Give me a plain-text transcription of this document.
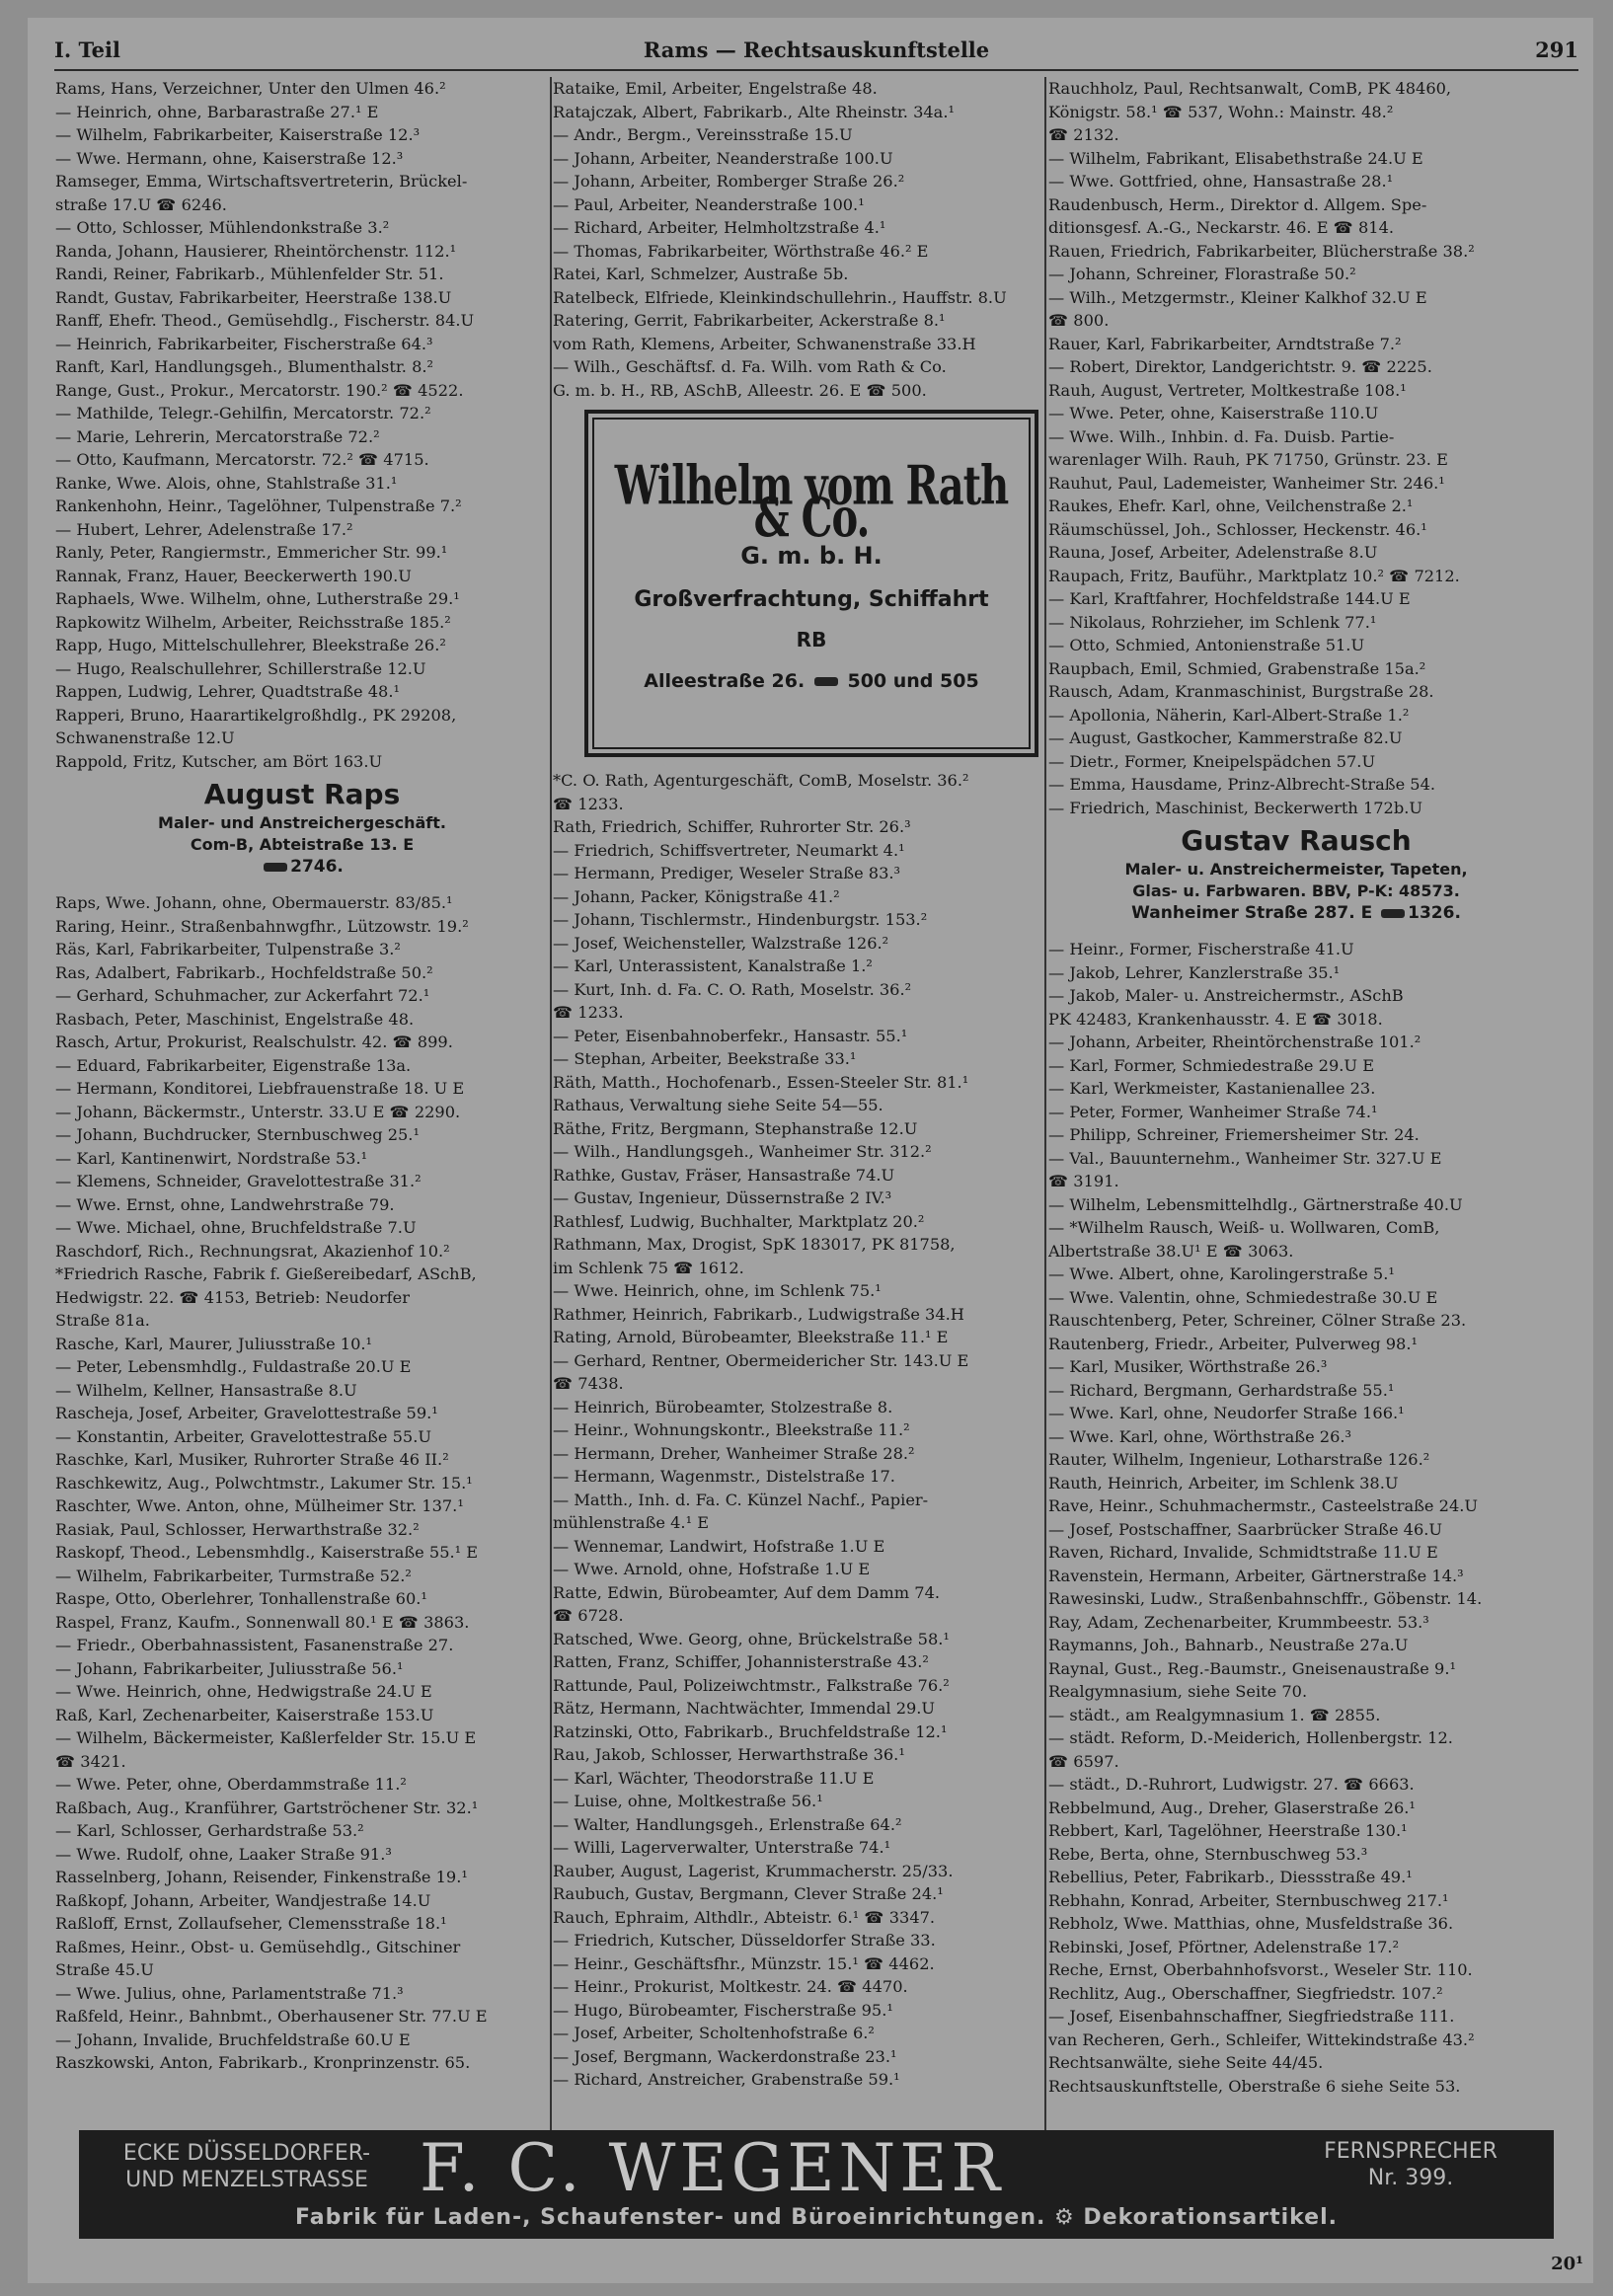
I. Teil	Rams — Rechtsauskunftstelle	291
Rams, Hans, Verzeichner, Unter den Ulmen 46.²
— Heinrich, ohne, Barbarastraße 27.¹ E
— Wilhelm, Fabrikarbeiter, Kaiserstraße 12.³
— Wwe. Hermann, ohne, Kaiserstraße 12.³
Ramseger, Emma, Wirtschaftsvertreterin, Brückel-
straße 17.U ☎ 6246.
— Otto, Schlosser, Mühlendonkstraße 3.²
Randa, Johann, Hausierer, Rheintörchenstr. 112.¹
Randi, Reiner, Fabrikarb., Mühlenfelder Str. 51.
Randt, Gustav, Fabrikarbeiter, Heerstraße 138.U
Ranff, Ehefr. Theod., Gemüsehdlg., Fischerstr. 84.U
— Heinrich, Fabrikarbeiter, Fischerstraße 64.³
Ranft, Karl, Handlungsgeh., Blumenthalstr. 8.²
Range, Gust., Prokur., Mercatorstr. 190.² ☎ 4522.
— Mathilde, Telegr.-Gehilfin, Mercatorstr. 72.²
— Marie, Lehrerin, Mercatorstraße 72.²
— Otto, Kaufmann, Mercatorstr. 72.² ☎ 4715.
Ranke, Wwe. Alois, ohne, Stahlstraße 31.¹
Rankenhohn, Heinr., Tagelöhner, Tulpenstraße 7.²
— Hubert, Lehrer, Adelenstraße 17.²
Ranly, Peter, Rangiermstr., Emmericher Str. 99.¹
Rannak, Franz, Hauer, Beeckerwerth 190.U
Raphaels, Wwe. Wilhelm, ohne, Lutherstraße 29.¹
Rapkowitz Wilhelm, Arbeiter, Reichsstraße 185.²
Rapp, Hugo, Mittelschullehrer, Bleekstraße 26.²
— Hugo, Realschullehrer, Schillerstraße 12.U
Rappen, Ludwig, Lehrer, Quadtstraße 48.¹
Rapperi, Bruno, Haarartikelgroßhdlg., PK 29208,
Schwanenstraße 12.U
Rappold, Fritz, Kutscher, am Bört 163.U
August Raps
Maler- und Anstreichergeschäft.
Com-B, Abteistraße 13. E
2746.
Raps, Wwe. Johann, ohne, Obermauerstr. 83/85.¹
Raring, Heinr., Straßenbahnwgfhr., Lützowstr. 19.²
Räs, Karl, Fabrikarbeiter, Tulpenstraße 3.²
Ras, Adalbert, Fabrikarb., Hochfeldstraße 50.²
— Gerhard, Schuhmacher, zur Ackerfahrt 72.¹
Rasbach, Peter, Maschinist, Engelstraße 48.
Rasch, Artur, Prokurist, Realschulstr. 42. ☎ 899.
— Eduard, Fabrikarbeiter, Eigenstraße 13a.
— Hermann, Konditorei, Liebfrauenstraße 18. U E
— Johann, Bäckermstr., Unterstr. 33.U E ☎ 2290.
— Johann, Buchdrucker, Sternbuschweg 25.¹
— Karl, Kantinenwirt, Nordstraße 53.¹
— Klemens, Schneider, Gravelottestraße 31.²
— Wwe. Ernst, ohne, Landwehrstraße 79.
— Wwe. Michael, ohne, Bruchfeldstraße 7.U
Raschdorf, Rich., Rechnungsrat, Akazienhof 10.²
*Friedrich Rasche, Fabrik f. Gießereibedarf, ASchB,
Hedwigstr. 22. ☎ 4153, Betrieb: Neudorfer
Straße 81a.
Rasche, Karl, Maurer, Juliusstraße 10.¹
— Peter, Lebensmhdlg., Fuldastraße 20.U E
— Wilhelm, Kellner, Hansastraße 8.U
Rascheja, Josef, Arbeiter, Gravelottestraße 59.¹
— Konstantin, Arbeiter, Gravelottestraße 55.U
Raschke, Karl, Musiker, Ruhrorter Straße 46 II.²
Raschkewitz, Aug., Polwchtmstr., Lakumer Str. 15.¹
Raschter, Wwe. Anton, ohne, Mülheimer Str. 137.¹
Rasiak, Paul, Schlosser, Herwarthstraße 32.²
Raskopf, Theod., Lebensmhdlg., Kaiserstraße 55.¹ E
— Wilhelm, Fabrikarbeiter, Turmstraße 52.²
Raspe, Otto, Oberlehrer, Tonhallenstraße 60.¹
Raspel, Franz, Kaufm., Sonnenwall 80.¹ E ☎ 3863.
— Friedr., Oberbahnassistent, Fasanenstraße 27.
— Johann, Fabrikarbeiter, Juliusstraße 56.¹
— Wwe. Heinrich, ohne, Hedwigstraße 24.U E
Raß, Karl, Zechenarbeiter, Kaiserstraße 153.U
— Wilhelm, Bäckermeister, Kaßlerfelder Str. 15.U E
☎ 3421.
— Wwe. Peter, ohne, Oberdammstraße 11.²
Raßbach, Aug., Kranführer, Gartströchener Str. 32.¹
— Karl, Schlosser, Gerhardstraße 53.²
— Wwe. Rudolf, ohne, Laaker Straße 91.³
Rasselnberg, Johann, Reisender, Finkenstraße 19.¹
Raßkopf, Johann, Arbeiter, Wandjestraße 14.U
Raßloff, Ernst, Zollaufseher, Clemensstraße 18.¹
Raßmes, Heinr., Obst- u. Gemüsehdlg., Gitschiner
Straße 45.U
— Wwe. Julius, ohne, Parlamentstraße 71.³
Raßfeld, Heinr., Bahnbmt., Oberhausener Str. 77.U E
— Johann, Invalide, Bruchfeldstraße 60.U E
Raszkowski, Anton, Fabrikarb., Kronprinzenstr. 65.
Rataike, Emil, Arbeiter, Engelstraße 48.
Ratajczak, Albert, Fabrikarb., Alte Rheinstr. 34a.¹
— Andr., Bergm., Vereinsstraße 15.U
— Johann, Arbeiter, Neanderstraße 100.U
— Johann, Arbeiter, Romberger Straße 26.²
— Paul, Arbeiter, Neanderstraße 100.¹
— Richard, Arbeiter, Helmholtzstraße 4.¹
— Thomas, Fabrikarbeiter, Wörthstraße 46.² E
Ratei, Karl, Schmelzer, Austraße 5b.
Ratelbeck, Elfriede, Kleinkindschullehrin., Hauffstr. 8.U
Ratering, Gerrit, Fabrikarbeiter, Ackerstraße 8.¹
vom Rath, Klemens, Arbeiter, Schwanenstraße 33.H
— Wilh., Geschäftsf. d. Fa. Wilh. vom Rath & Co.
G. m. b. H., RB, ASchB, Alleestr. 26. E ☎ 500.
Wilhelm vom Rath & Co.
G. m. b. H.
Großverfrachtung, Schiffahrt
RB
Alleestraße 26. 500 und 505
*C. O. Rath, Agenturgeschäft, ComB, Moselstr. 36.²
☎ 1233.
Rath, Friedrich, Schiffer, Ruhrorter Str. 26.³
— Friedrich, Schiffsvertreter, Neumarkt 4.¹
— Hermann, Prediger, Weseler Straße 83.³
— Johann, Packer, Königstraße 41.²
— Johann, Tischlermstr., Hindenburgstr. 153.²
— Josef, Weichensteller, Walzstraße 126.²
— Karl, Unterassistent, Kanalstraße 1.²
— Kurt, Inh. d. Fa. C. O. Rath, Moselstr. 36.²
☎ 1233.
— Peter, Eisenbahnoberfekr., Hansastr. 55.¹
— Stephan, Arbeiter, Beekstraße 33.¹
Räth, Matth., Hochofenarb., Essen-Steeler Str. 81.¹
Rathaus, Verwaltung siehe Seite 54—55.
Räthe, Fritz, Bergmann, Stephanstraße 12.U
— Wilh., Handlungsgeh., Wanheimer Str. 312.²
Rathke, Gustav, Fräser, Hansastraße 74.U
— Gustav, Ingenieur, Düssernstraße 2 IV.³
Rathlesf, Ludwig, Buchhalter, Marktplatz 20.²
Rathmann, Max, Drogist, SpK 183017, PK 81758,
im Schlenk 75 ☎ 1612.
— Wwe. Heinrich, ohne, im Schlenk 75.¹
Rathmer, Heinrich, Fabrikarb., Ludwigstraße 34.H
Rating, Arnold, Bürobeamter, Bleekstraße 11.¹ E
— Gerhard, Rentner, Obermeidericher Str. 143.U E
☎ 7438.
— Heinrich, Bürobeamter, Stolzestraße 8.
— Heinr., Wohnungskontr., Bleekstraße 11.²
— Hermann, Dreher, Wanheimer Straße 28.²
— Hermann, Wagenmstr., Distelstraße 17.
— Matth., Inh. d. Fa. C. Künzel Nachf., Papier-
mühlenstraße 4.¹ E
— Wennemar, Landwirt, Hofstraße 1.U E
— Wwe. Arnold, ohne, Hofstraße 1.U E
Ratte, Edwin, Bürobeamter, Auf dem Damm 74.
☎ 6728.
Ratsched, Wwe. Georg, ohne, Brückelstraße 58.¹
Ratten, Franz, Schiffer, Johannisterstraße 43.²
Rattunde, Paul, Polizeiwchtmstr., Falkstraße 76.²
Rätz, Hermann, Nachtwächter, Immendal 29.U
Ratzinski, Otto, Fabrikarb., Bruchfeldstraße 12.¹
Rau, Jakob, Schlosser, Herwarthstraße 36.¹
— Karl, Wächter, Theodorstraße 11.U E
— Luise, ohne, Moltkestraße 56.¹
— Walter, Handlungsgeh., Erlenstraße 64.²
— Willi, Lagerverwalter, Unterstraße 74.¹
Rauber, August, Lagerist, Krummacherstr. 25/33.
Raubuch, Gustav, Bergmann, Clever Straße 24.¹
Rauch, Ephraim, Althdlr., Abteistr. 6.¹ ☎ 3347.
— Friedrich, Kutscher, Düsseldorfer Straße 33.
— Heinr., Geschäftsfhr., Münzstr. 15.¹ ☎ 4462.
— Heinr., Prokurist, Moltkestr. 24. ☎ 4470.
— Hugo, Bürobeamter, Fischerstraße 95.¹
— Josef, Arbeiter, Scholtenhofstraße 6.²
— Josef, Bergmann, Wackerdonstraße 23.¹
— Richard, Anstreicher, Grabenstraße 59.¹
Rauchholz, Paul, Rechtsanwalt, ComB, PK 48460,
Königstr. 58.¹ ☎ 537, Wohn.: Mainstr. 48.²
☎ 2132.
— Wilhelm, Fabrikant, Elisabethstraße 24.U E
— Wwe. Gottfried, ohne, Hansastraße 28.¹
Raudenbusch, Herm., Direktor d. Allgem. Spe-
ditionsgesf. A.-G., Neckarstr. 46. E ☎ 814.
Rauen, Friedrich, Fabrikarbeiter, Blücherstraße 38.²
— Johann, Schreiner, Florastraße 50.²
— Wilh., Metzgermstr., Kleiner Kalkhof 32.U E
☎ 800.
Rauer, Karl, Fabrikarbeiter, Arndtstraße 7.²
— Robert, Direktor, Landgerichtstr. 9. ☎ 2225.
Rauh, August, Vertreter, Moltkestraße 108.¹
— Wwe. Peter, ohne, Kaiserstraße 110.U
— Wwe. Wilh., Inhbin. d. Fa. Duisb. Partie-
warenlager Wilh. Rauh, PK 71750, Grünstr. 23. E
Rauhut, Paul, Lademeister, Wanheimer Str. 246.¹
Raukes, Ehefr. Karl, ohne, Veilchenstraße 2.¹
Räumschüssel, Joh., Schlosser, Heckenstr. 46.¹
Rauna, Josef, Arbeiter, Adelenstraße 8.U
Raupach, Fritz, Bauführ., Marktplatz 10.² ☎ 7212.
— Karl, Kraftfahrer, Hochfeldstraße 144.U E
— Nikolaus, Rohrzieher, im Schlenk 77.¹
— Otto, Schmied, Antonienstraße 51.U
Raupbach, Emil, Schmied, Grabenstraße 15a.²
Rausch, Adam, Kranmaschinist, Burgstraße 28.
— Apollonia, Näherin, Karl-Albert-Straße 1.²
— August, Gastkocher, Kammerstraße 82.U
— Dietr., Former, Kneipelspädchen 57.U
— Emma, Hausdame, Prinz-Albrecht-Straße 54.
— Friedrich, Maschinist, Beckerwerth 172b.U
Gustav Rausch
Maler- u. Anstreichermeister, Tapeten,
Glas- u. Farbwaren. BBV, P-K: 48573.
Wanheimer Straße 287. E 1326.
— Heinr., Former, Fischerstraße 41.U
— Jakob, Lehrer, Kanzlerstraße 35.¹
— Jakob, Maler- u. Anstreichermstr., ASchB
PK 42483, Krankenhausstr. 4. E ☎ 3018.
— Johann, Arbeiter, Rheintörchenstraße 101.²
— Karl, Former, Schmiedestraße 29.U E
— Karl, Werkmeister, Kastanienallee 23.
— Peter, Former, Wanheimer Straße 74.¹
— Philipp, Schreiner, Friemersheimer Str. 24.
— Val., Bauunternehm., Wanheimer Str. 327.U E
☎ 3191.
— Wilhelm, Lebensmittelhdlg., Gärtnerstraße 40.U
— *Wilhelm Rausch, Weiß- u. Wollwaren, ComB,
Albertstraße 38.U¹ E ☎ 3063.
— Wwe. Albert, ohne, Karolingerstraße 5.¹
— Wwe. Valentin, ohne, Schmiedestraße 30.U E
Rauschtenberg, Peter, Schreiner, Cölner Straße 23.
Rautenberg, Friedr., Arbeiter, Pulverweg 98.¹
— Karl, Musiker, Wörthstraße 26.³
— Richard, Bergmann, Gerhardstraße 55.¹
— Wwe. Karl, ohne, Neudorfer Straße 166.¹
— Wwe. Karl, ohne, Wörthstraße 26.³
Rauter, Wilhelm, Ingenieur, Lotharstraße 126.²
Rauth, Heinrich, Arbeiter, im Schlenk 38.U
Rave, Heinr., Schuhmachermstr., Casteelstraße 24.U
— Josef, Postschaffner, Saarbrücker Straße 46.U
Raven, Richard, Invalide, Schmidtstraße 11.U E
Ravenstein, Hermann, Arbeiter, Gärtnerstraße 14.³
Rawesinski, Ludw., Straßenbahnschffr., Göbenstr. 14.
Ray, Adam, Zechenarbeiter, Krummbeestr. 53.³
Raymanns, Joh., Bahnarb., Neustraße 27a.U
Raynal, Gust., Reg.-Baumstr., Gneisenaustraße 9.¹
Realgymnasium, siehe Seite 70.
— städt., am Realgymnasium 1. ☎ 2855.
— städt. Reform, D.-Meiderich, Hollenbergstr. 12.
☎ 6597.
— städt., D.-Ruhrort, Ludwigstr. 27. ☎ 6663.
Rebbelmund, Aug., Dreher, Glaserstraße 26.¹
Rebbert, Karl, Tagelöhner, Heerstraße 130.¹
Rebe, Berta, ohne, Sternbuschweg 53.³
Rebellius, Peter, Fabrikarb., Diessstraße 49.¹
Rebhahn, Konrad, Arbeiter, Sternbuschweg 217.¹
Rebholz, Wwe. Matthias, ohne, Musfeldstraße 36.
Rebinski, Josef, Pförtner, Adelenstraße 17.²
Reche, Ernst, Oberbahnhofsvorst., Weseler Str. 110.
Rechlitz, Aug., Oberschaffner, Siegfriedstr. 107.²
— Josef, Eisenbahnschaffner, Siegfriedstraße 111.
van Recheren, Gerh., Schleifer, Wittekindstraße 43.²
Rechtsanwälte, siehe Seite 44/45.
Rechtsauskunftstelle, Oberstraße 6 siehe Seite 53.
ECKE DÜSSELDORFER-
UND MENZELSTRASSE F. C. WEGENER	FERNSPRECHER
Nr. 399.
Fabrik für Laden-, Schaufenster- und Büroeinrichtungen. ⚙ Dekorationsartikel.
20¹
